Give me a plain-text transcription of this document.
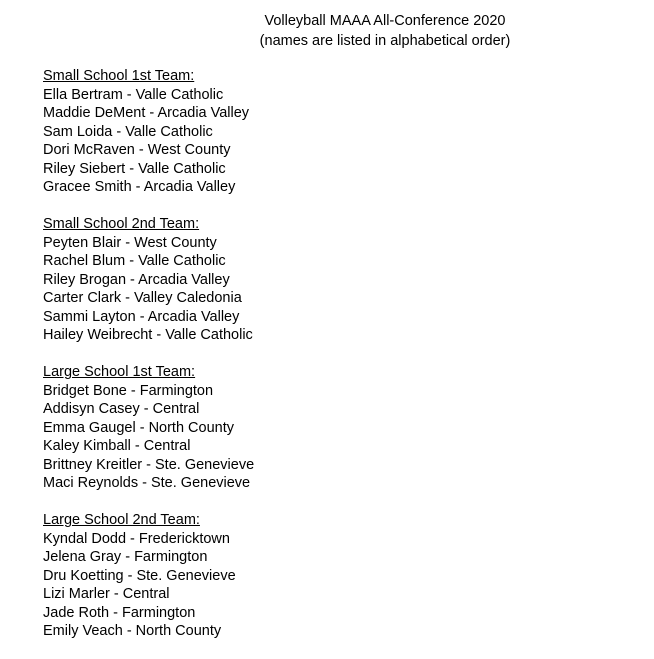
Volleyball MAAA All-Conference 2020
(names are listed in alphabetical order)
Small School 1st Team:
Ella Bertram - Valle Catholic
Maddie DeMent - Arcadia Valley
Sam Loida - Valle Catholic
Dori McRaven - West County
Riley Siebert - Valle Catholic
Gracee Smith - Arcadia Valley
Small School 2nd Team:
Peyten Blair - West County
Rachel Blum - Valle Catholic
Riley Brogan - Arcadia Valley
Carter Clark - Valley Caledonia
Sammi Layton - Arcadia Valley
Hailey Weibrecht - Valle Catholic
Large School 1st Team:
Bridget Bone - Farmington
Addisyn Casey - Central
Emma Gaugel - North County
Kaley Kimball - Central
Brittney Kreitler - Ste. Genevieve
Maci Reynolds - Ste. Genevieve
Large School 2nd Team:
Kyndal Dodd - Fredericktown
Jelena Gray - Farmington
Dru Koetting - Ste. Genevieve
Lizi Marler - Central
Jade Roth - Farmington
Emily Veach - North County
